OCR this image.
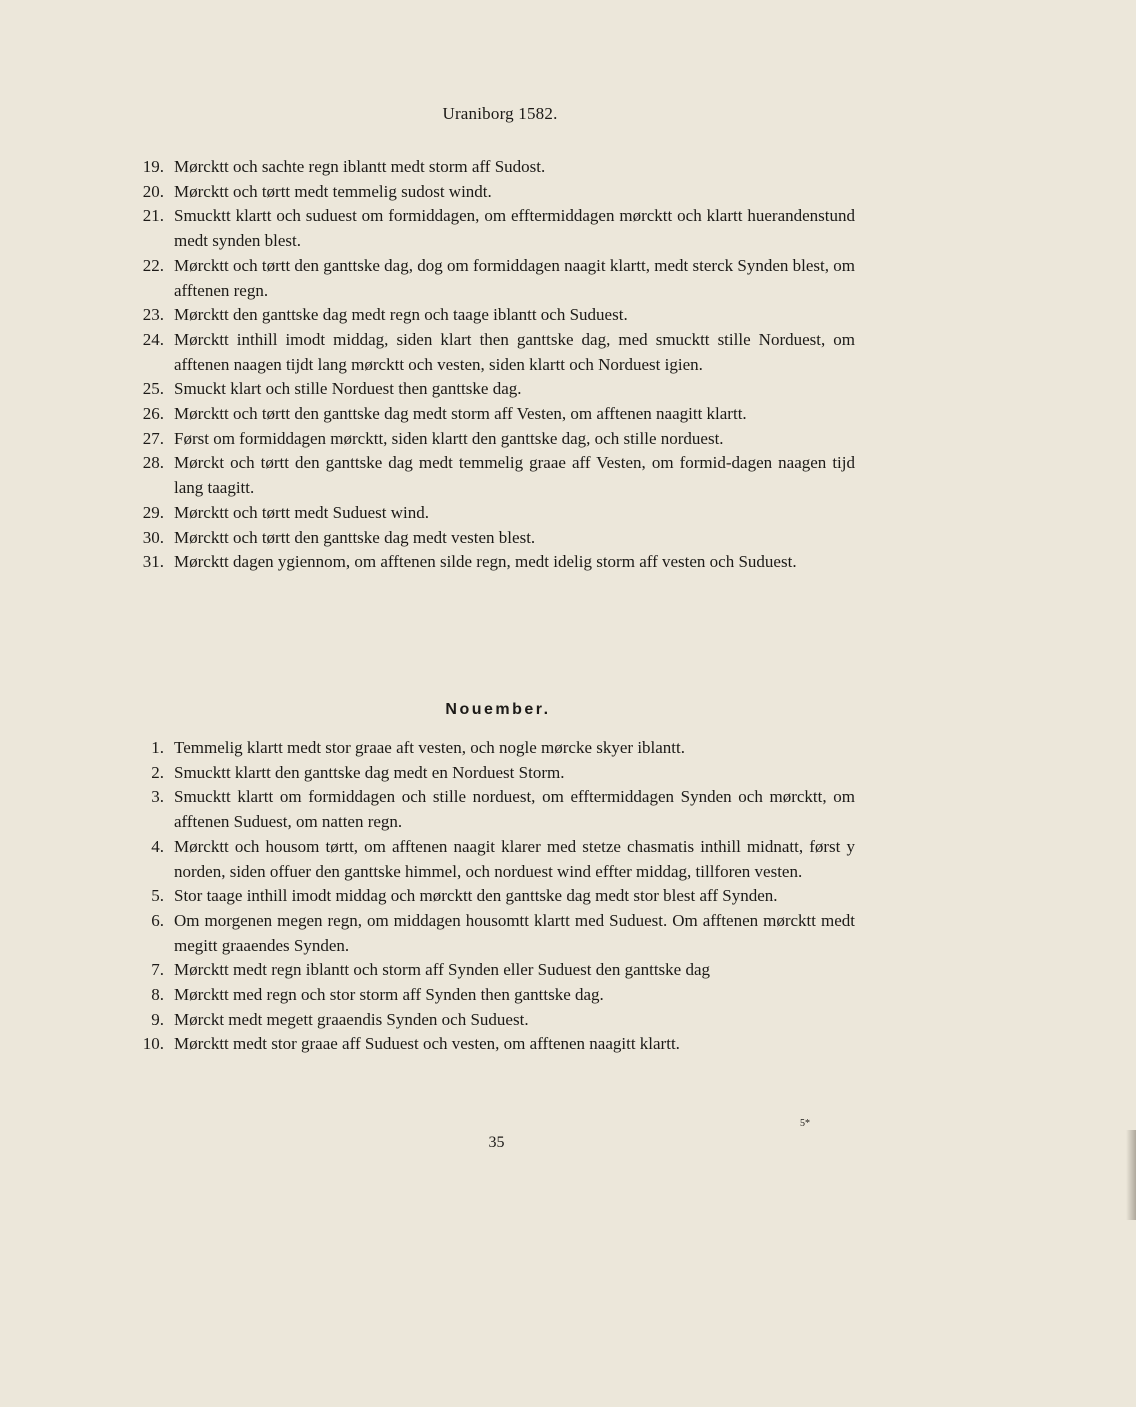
Uraniborg 1582.
19. Mørcktt och sachte regn iblantt medt storm aff Sudost.
20. Mørcktt och tørtt medt temmelig sudost windt.
21. Smucktt klartt och suduest om formiddagen, om efftermiddagen mørcktt och klartt huerandenstund medt synden blest.
22. Mørcktt och tørtt den ganttske dag, dog om formiddagen naagit klartt, medt sterck Synden blest, om afftenen regn.
23. Mørcktt den ganttske dag medt regn och taage iblantt och Suduest.
24. Mørcktt inthill imodt middag, siden klart then ganttske dag, med smucktt stille Norduest, om afftenen naagen tijdt lang mørcktt och vesten, siden klartt och Norduest igien.
25. Smuckt klart och stille Norduest then ganttske dag.
26. Mørcktt och tørtt den ganttske dag medt storm aff Vesten, om afftenen naagitt klartt.
27. Først om formiddagen mørcktt, siden klartt den ganttske dag, och stille norduest.
28. Mørckt och tørtt den ganttske dag medt temmelig graae aff Vesten, om formid-dagen naagen tijd lang taagitt.
29. Mørcktt och tørtt medt Suduest wind.
30. Mørcktt och tørtt den ganttske dag medt vesten blest.
31. Mørcktt dagen ygiennom, om afftenen silde regn, medt idelig storm aff vesten och Suduest.
Nouember.
1. Temmelig klartt medt stor graae aft vesten, och nogle mørcke skyer iblantt.
2. Smucktt klartt den ganttske dag medt en Norduest Storm.
3. Smucktt klartt om formiddagen och stille norduest, om efftermiddagen Synden och mørcktt, om afftenen Suduest, om natten regn.
4. Mørcktt och housom tørtt, om afftenen naagit klarer med stetze chasmatis inthill midnatt, først y norden, siden offuer den ganttske himmel, och norduest wind effter middag, tillforen vesten.
5. Stor taage inthill imodt middag och mørcktt den ganttske dag medt stor blest aff Synden.
6. Om morgenen megen regn, om middagen housomtt klartt med Suduest. Om afftenen mørcktt medt megitt graaendes Synden.
7. Mørcktt medt regn iblantt och storm aff Synden eller Suduest den ganttske dag
8. Mørcktt med regn och stor storm aff Synden then ganttske dag.
9. Mørckt medt megett graaendis Synden och Suduest.
10. Mørcktt medt stor graae aff Suduest och vesten, om afftenen naagitt klartt.
5*
35
